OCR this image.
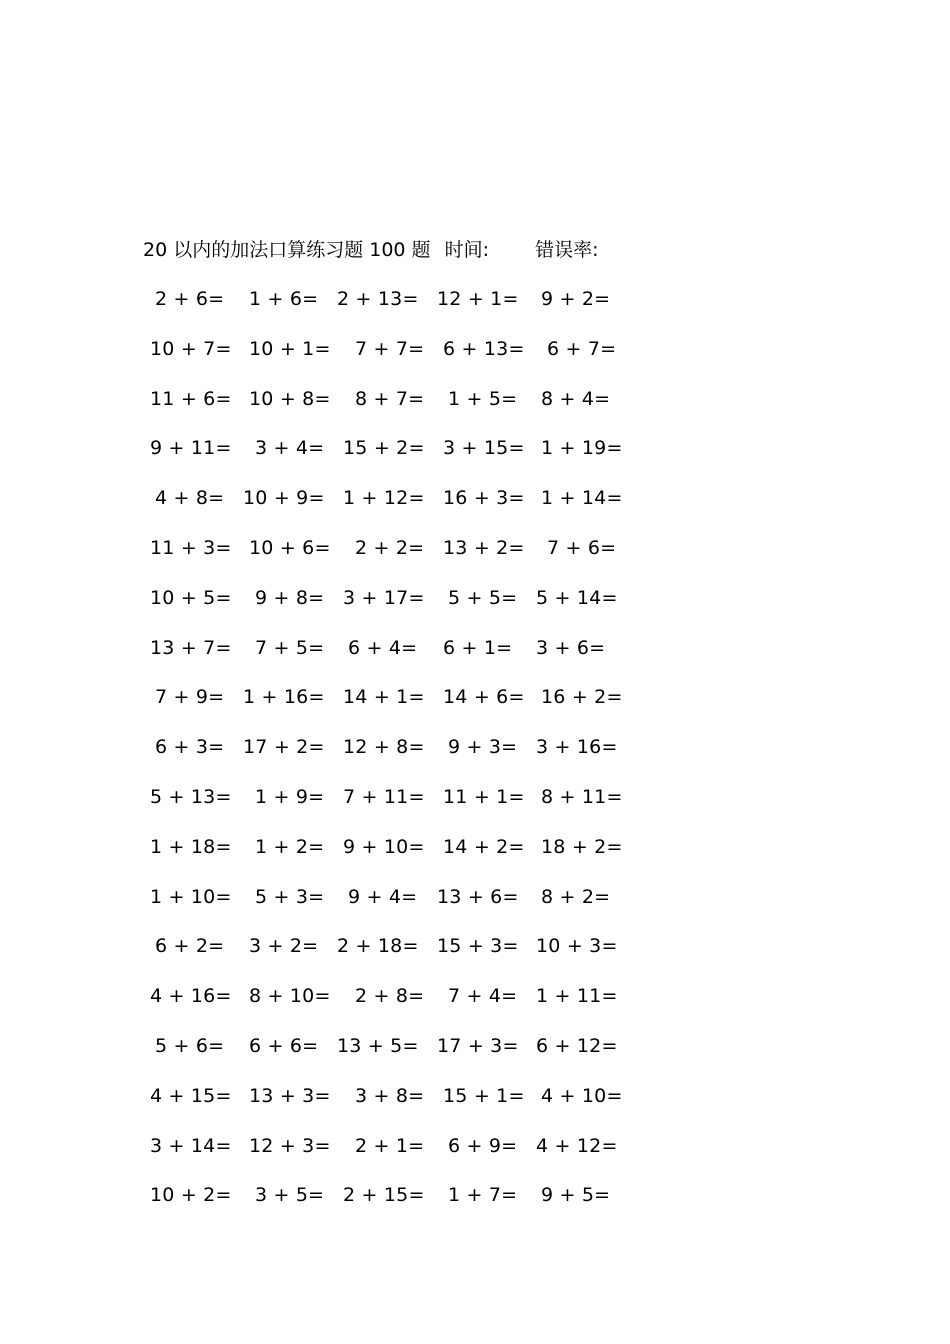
20 以内的加法口算练习题 100 题 时间: 错误率:
2 + 6= 1 + 6= 2 + 13= 12 + 1= 9 + 2=
10 + 7= 10 + 1= 7 + 7= 6 + 13= 6 + 7=
11 + 6= 10 + 8= 8 + 7= 1 + 5= 8 + 4=
9 + 11= 3 + 4= 15 + 2= 3 + 15= 1 + 19=
4 + 8= 10 + 9= 1 + 12= 16 + 3= 1 + 14=
11 + 3= 10 + 6= 2 + 2= 13 + 2= 7 + 6=
10 + 5= 9 + 8= 3 + 17= 5 + 5= 5 + 14=
13 + 7= 7 + 5= 6 + 4= 6 + 1= 3 + 6=
7 + 9= 1 + 16= 14 + 1= 14 + 6= 16 + 2=
6 + 3= 17 + 2= 12 + 8= 9 + 3= 3 + 16=
5 + 13= 1 + 9= 7 + 11= 11 + 1= 8 + 11=
1 + 18= 1 + 2= 9 + 10= 14 + 2= 18 + 2=
1 + 10= 5 + 3= 9 + 4= 13 + 6= 8 + 2=
6 + 2= 3 + 2= 2 + 18= 15 + 3= 10 + 3=
4 + 16= 8 + 10= 2 + 8= 7 + 4= 1 + 11=
5 + 6= 6 + 6= 13 + 5= 17 + 3= 6 + 12=
4 + 15= 13 + 3= 3 + 8= 15 + 1= 4 + 10=
3 + 14= 12 + 3= 2 + 1= 6 + 9= 4 + 12=
10 + 2= 3 + 5= 2 + 15= 1 + 7= 9 + 5=
